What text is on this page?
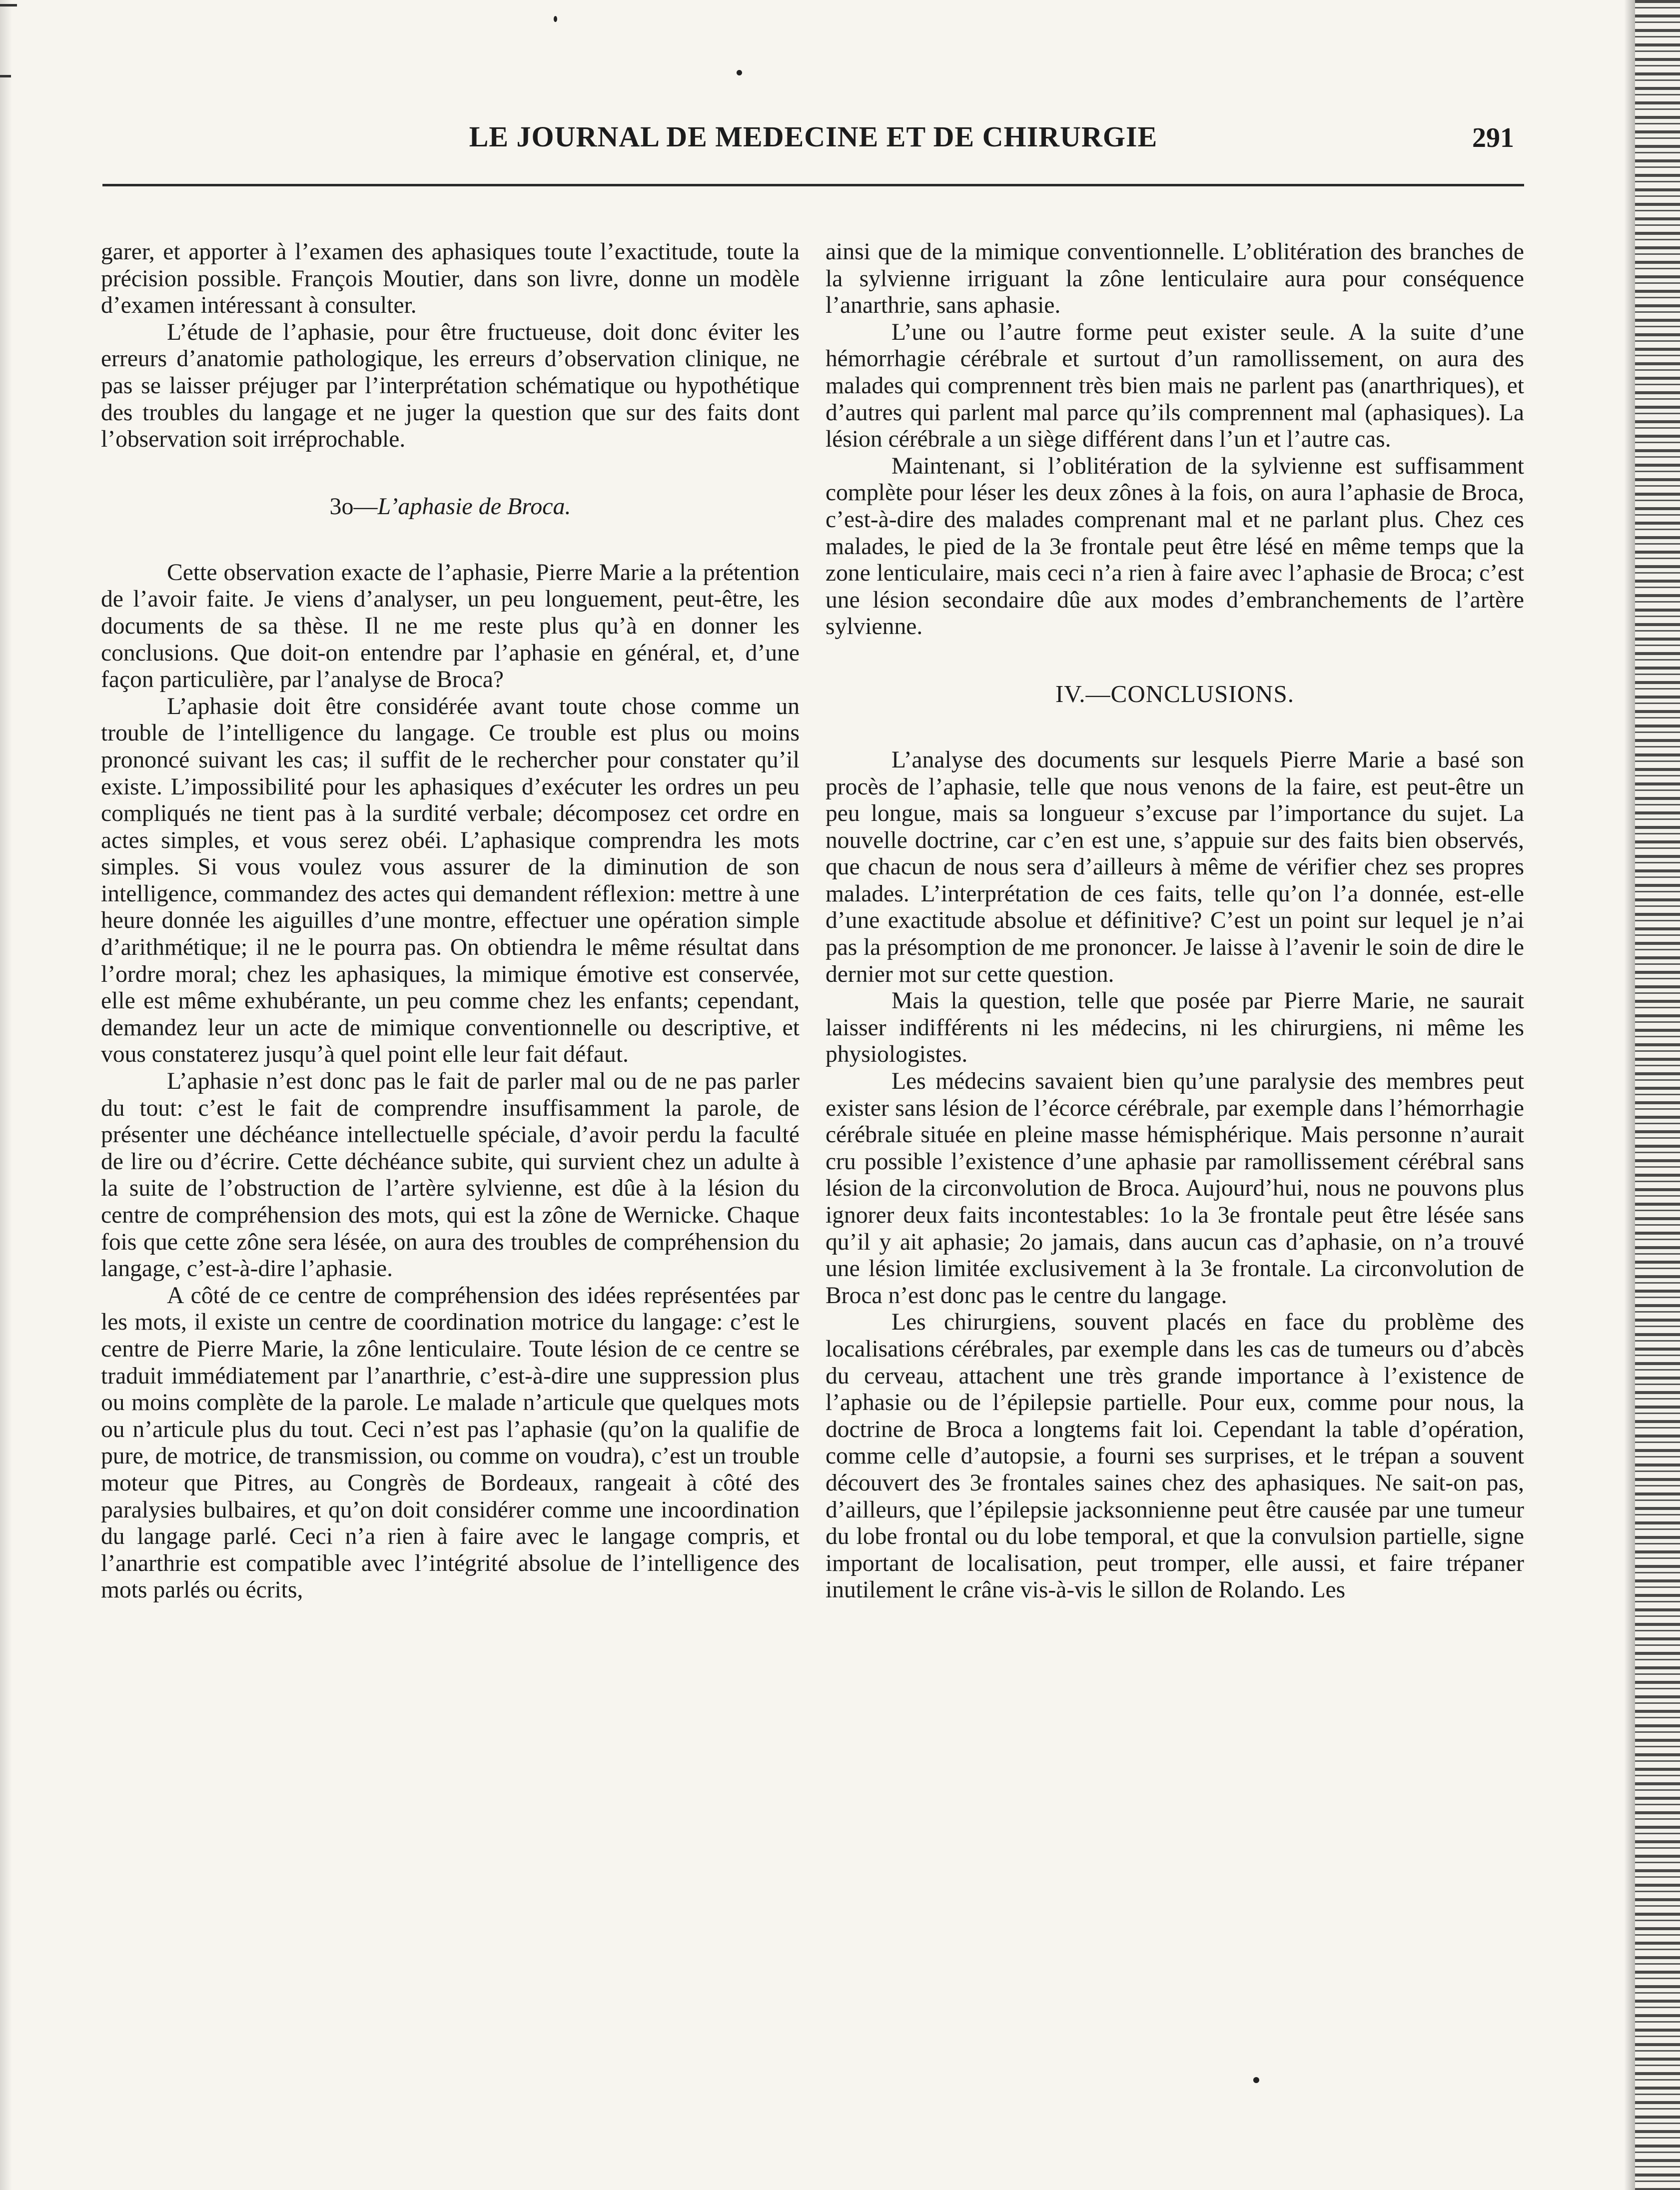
LE JOURNAL DE MEDECINE ET DE CHIRURGIE	291

garer, et apporter à l’examen des aphasiques toute l’exactitude, toute la précision possible. François Moutier, dans son livre, donne un modèle d’examen intéressant à consulter.

L’étude de l’aphasie, pour être fructueuse, doit donc éviter les erreurs d’anatomie pathologique, les erreurs d’observation clinique, ne pas se laisser préjuger par l’interprétation schématique ou hypothétique des troubles du langage et ne juger la question que sur des faits dont l’observation soit irréprochable.

3o—L’aphasie de Broca.

Cette observation exacte de l’aphasie, Pierre Marie a la prétention de l’avoir faite. Je viens d’analyser, un peu longuement, peut-être, les documents de sa thèse. Il ne me reste plus qu’à en donner les conclusions. Que doit-on entendre par l’aphasie en général, et, d’une façon particulière, par l’analyse de Broca?

L’aphasie doit être considérée avant toute chose comme un trouble de l’intelligence du langage. Ce trouble est plus ou moins prononcé suivant les cas; il suffit de le rechercher pour constater qu’il existe. L’impossibilité pour les aphasiques d’exécuter les ordres un peu compliqués ne tient pas à la surdité verbale; décomposez cet ordre en actes simples, et vous serez obéi. L’aphasique comprendra les mots simples. Si vous voulez vous assurer de la diminution de son intelligence, commandez des actes qui demandent réflexion: mettre à une heure donnée les aiguilles d’une montre, effectuer une opération simple d’arithmétique; il ne le pourra pas. On obtiendra le même résultat dans l’ordre moral; chez les aphasiques, la mimique émotive est conservée, elle est même exhubérante, un peu comme chez les enfants; cependant, demandez leur un acte de mimique conventionnelle ou descriptive, et vous constaterez jusqu’à quel point elle leur fait défaut.

L’aphasie n’est donc pas le fait de parler mal ou de ne pas parler du tout: c’est le fait de comprendre insuffisamment la parole, de présenter une déchéance intellectuelle spéciale, d’avoir perdu la faculté de lire ou d’écrire. Cette déchéance subite, qui survient chez un adulte à la suite de l’obstruction de l’artère sylvienne, est dûe à la lésion du centre de compréhension des mots, qui est la zône de Wernicke. Chaque fois que cette zône sera lésée, on aura des troubles de compréhension du langage, c’est-à-dire l’aphasie.

A côté de ce centre de compréhension des idées représentées par les mots, il existe un centre de coordination motrice du langage: c’est le centre de Pierre Marie, la zône lenticulaire. Toute lésion de ce centre se traduit immédiatement par l’anarthrie, c’est-à-dire une suppression plus ou moins complète de la parole. Le malade n’articule que quelques mots ou n’articule plus du tout. Ceci n’est pas l’aphasie (qu’on la qualifie de pure, de motrice, de transmission, ou comme on voudra), c’est un trouble moteur que Pitres, au Congrès de Bordeaux, rangeait à côté des paralysies bulbaires, et qu’on doit considérer comme une incoordination du langage parlé. Ceci n’a rien à faire avec le langage compris, et l’anarthrie est compatible avec l’intégrité absolue de l’intelligence des mots parlés ou écrits,

ainsi que de la mimique conventionnelle. L’oblitération des branches de la sylvienne irriguant la zône lenticulaire aura pour conséquence l’anarthrie, sans aphasie.

L’une ou l’autre forme peut exister seule. A la suite d’une hémorrhagie cérébrale et surtout d’un ramollissement, on aura des malades qui comprennent très bien mais ne parlent pas (anarthriques), et d’autres qui parlent mal parce qu’ils comprennent mal (aphasiques). La lésion cérébrale a un siège différent dans l’un et l’autre cas.

Maintenant, si l’oblitération de la sylvienne est suffisamment complète pour léser les deux zônes à la fois, on aura l’aphasie de Broca, c’est-à-dire des malades comprenant mal et ne parlant plus. Chez ces malades, le pied de la 3e frontale peut être lésé en même temps que la zone lenticulaire, mais ceci n’a rien à faire avec l’aphasie de Broca; c’est une lésion secondaire dûe aux modes d’embranchements de l’artère sylvienne.

IV.—CONCLUSIONS.

L’analyse des documents sur lesquels Pierre Marie a basé son procès de l’aphasie, telle que nous venons de la faire, est peut-être un peu longue, mais sa longueur s’excuse par l’importance du sujet. La nouvelle doctrine, car c’en est une, s’appuie sur des faits bien observés, que chacun de nous sera d’ailleurs à même de vérifier chez ses propres malades. L’interprétation de ces faits, telle qu’on l’a donnée, est-elle d’une exactitude absolue et définitive? C’est un point sur lequel je n’ai pas la présomption de me prononcer. Je laisse à l’avenir le soin de dire le dernier mot sur cette question.

Mais la question, telle que posée par Pierre Marie, ne saurait laisser indifférents ni les médecins, ni les chirurgiens, ni même les physiologistes.

Les médecins savaient bien qu’une paralysie des membres peut exister sans lésion de l’écorce cérébrale, par exemple dans l’hémorrhagie cérébrale située en pleine masse hémisphérique. Mais personne n’aurait cru possible l’existence d’une aphasie par ramollissement cérébral sans lésion de la circonvolution de Broca. Aujourd’hui, nous ne pouvons plus ignorer deux faits incontestables: 1o la 3e frontale peut être lésée sans qu’il y ait aphasie; 2o jamais, dans aucun cas d’aphasie, on n’a trouvé une lésion limitée exclusivement à la 3e frontale. La circonvolution de Broca n’est donc pas le centre du langage.

Les chirurgiens, souvent placés en face du problème des localisations cérébrales, par exemple dans les cas de tumeurs ou d’abcès du cerveau, attachent une très grande importance à l’existence de l’aphasie ou de l’épilepsie partielle. Pour eux, comme pour nous, la doctrine de Broca a longtems fait loi. Cependant la table d’opération, comme celle d’autopsie, a fourni ses surprises, et le trépan a souvent découvert des 3e frontales saines chez des aphasiques. Ne sait-on pas, d’ailleurs, que l’épilepsie jacksonnienne peut être causée par une tumeur du lobe frontal ou du lobe temporal, et que la convulsion partielle, signe important de localisation, peut tromper, elle aussi, et faire trépaner inutilement le crâne vis-à-vis le sillon de Rolando. Les
